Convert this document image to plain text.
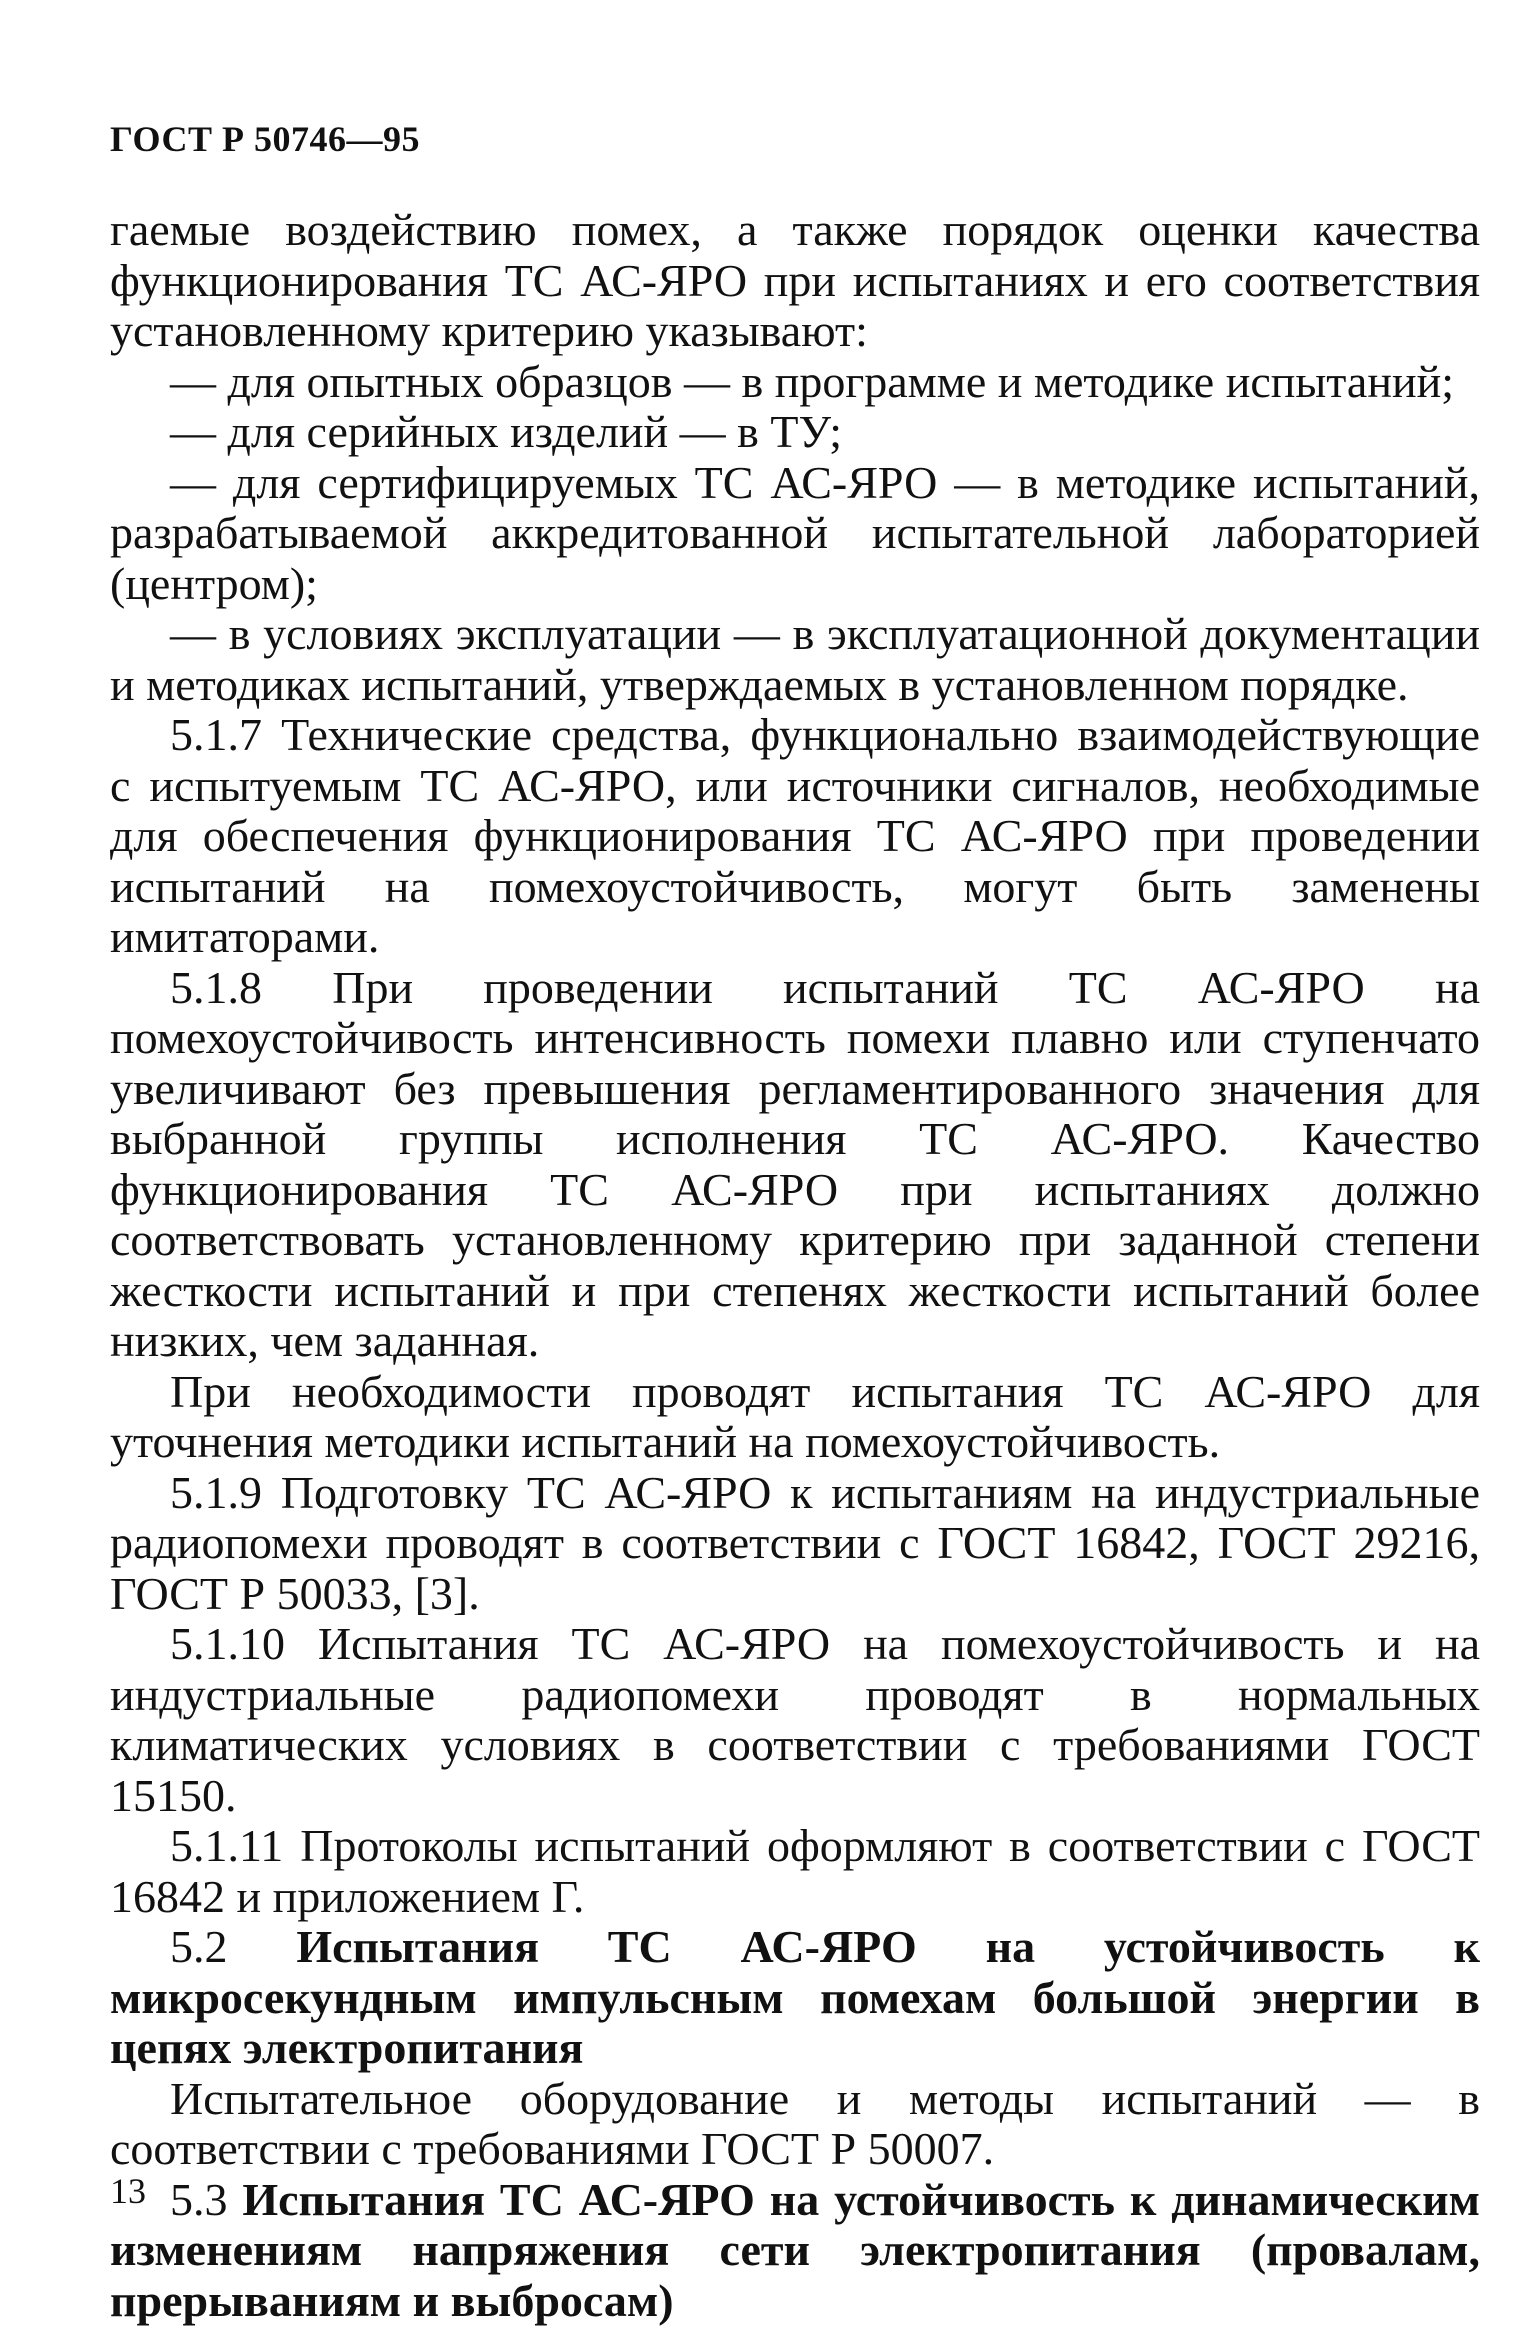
ГОСТ Р 50746—95

гаемые воздействию помех, а также порядок оценки качества функционирования ТС АС-ЯРО при испытаниях и его соответствия установленному критерию указывают:

— для опытных образцов — в программе и методике испытаний;

— для серийных изделий — в ТУ;

— для сертифицируемых ТС АС-ЯРО — в методике испытаний, разрабатываемой аккредитованной испытательной лабораторией (центром);

— в условиях эксплуатации — в эксплуатационной документации и методиках испытаний, утверждаемых в установленном порядке.

5.1.7 Технические средства, функционально взаимодействующие с испытуемым ТС АС-ЯРО, или источники сигналов, необходимые для обеспечения функционирования ТС АС-ЯРО при проведении испытаний на помехоустойчивость, могут быть заменены имитаторами.

5.1.8 При проведении испытаний ТС АС-ЯРО на помехоустойчивость интенсивность помехи плавно или ступенчато увеличивают без превышения регламентированного значения для выбранной группы исполнения ТС АС-ЯРО. Качество функционирования ТС АС-ЯРО при испытаниях должно соответствовать установленному критерию при заданной степени жесткости испытаний и при степенях жесткости испытаний более низких, чем заданная.

При необходимости проводят испытания ТС АС-ЯРО для уточнения методики испытаний на помехоустойчивость.

5.1.9 Подготовку ТС АС-ЯРО к испытаниям на индустриальные радиопомехи проводят в соответствии с ГОСТ 16842, ГОСТ 29216, ГОСТ Р 50033, [3].

5.1.10 Испытания ТС АС-ЯРО на помехоустойчивость и на индустриальные радиопомехи проводят в нормальных климатических условиях в соответствии с требованиями ГОСТ 15150.

5.1.11 Протоколы испытаний оформляют в соответствии с ГОСТ 16842 и приложением Г.

5.2 Испытания ТС АС-ЯРО на устойчивость к микросекундным импульсным помехам большой энергии в цепях электропитания

Испытательное оборудование и методы испытаний — в соответствии с требованиями ГОСТ Р 50007.

5.3 Испытания ТС АС-ЯРО на устойчивость к динамическим изменениям напряжения сети электропитания (провалам, прерываниям и выбросам)

13
